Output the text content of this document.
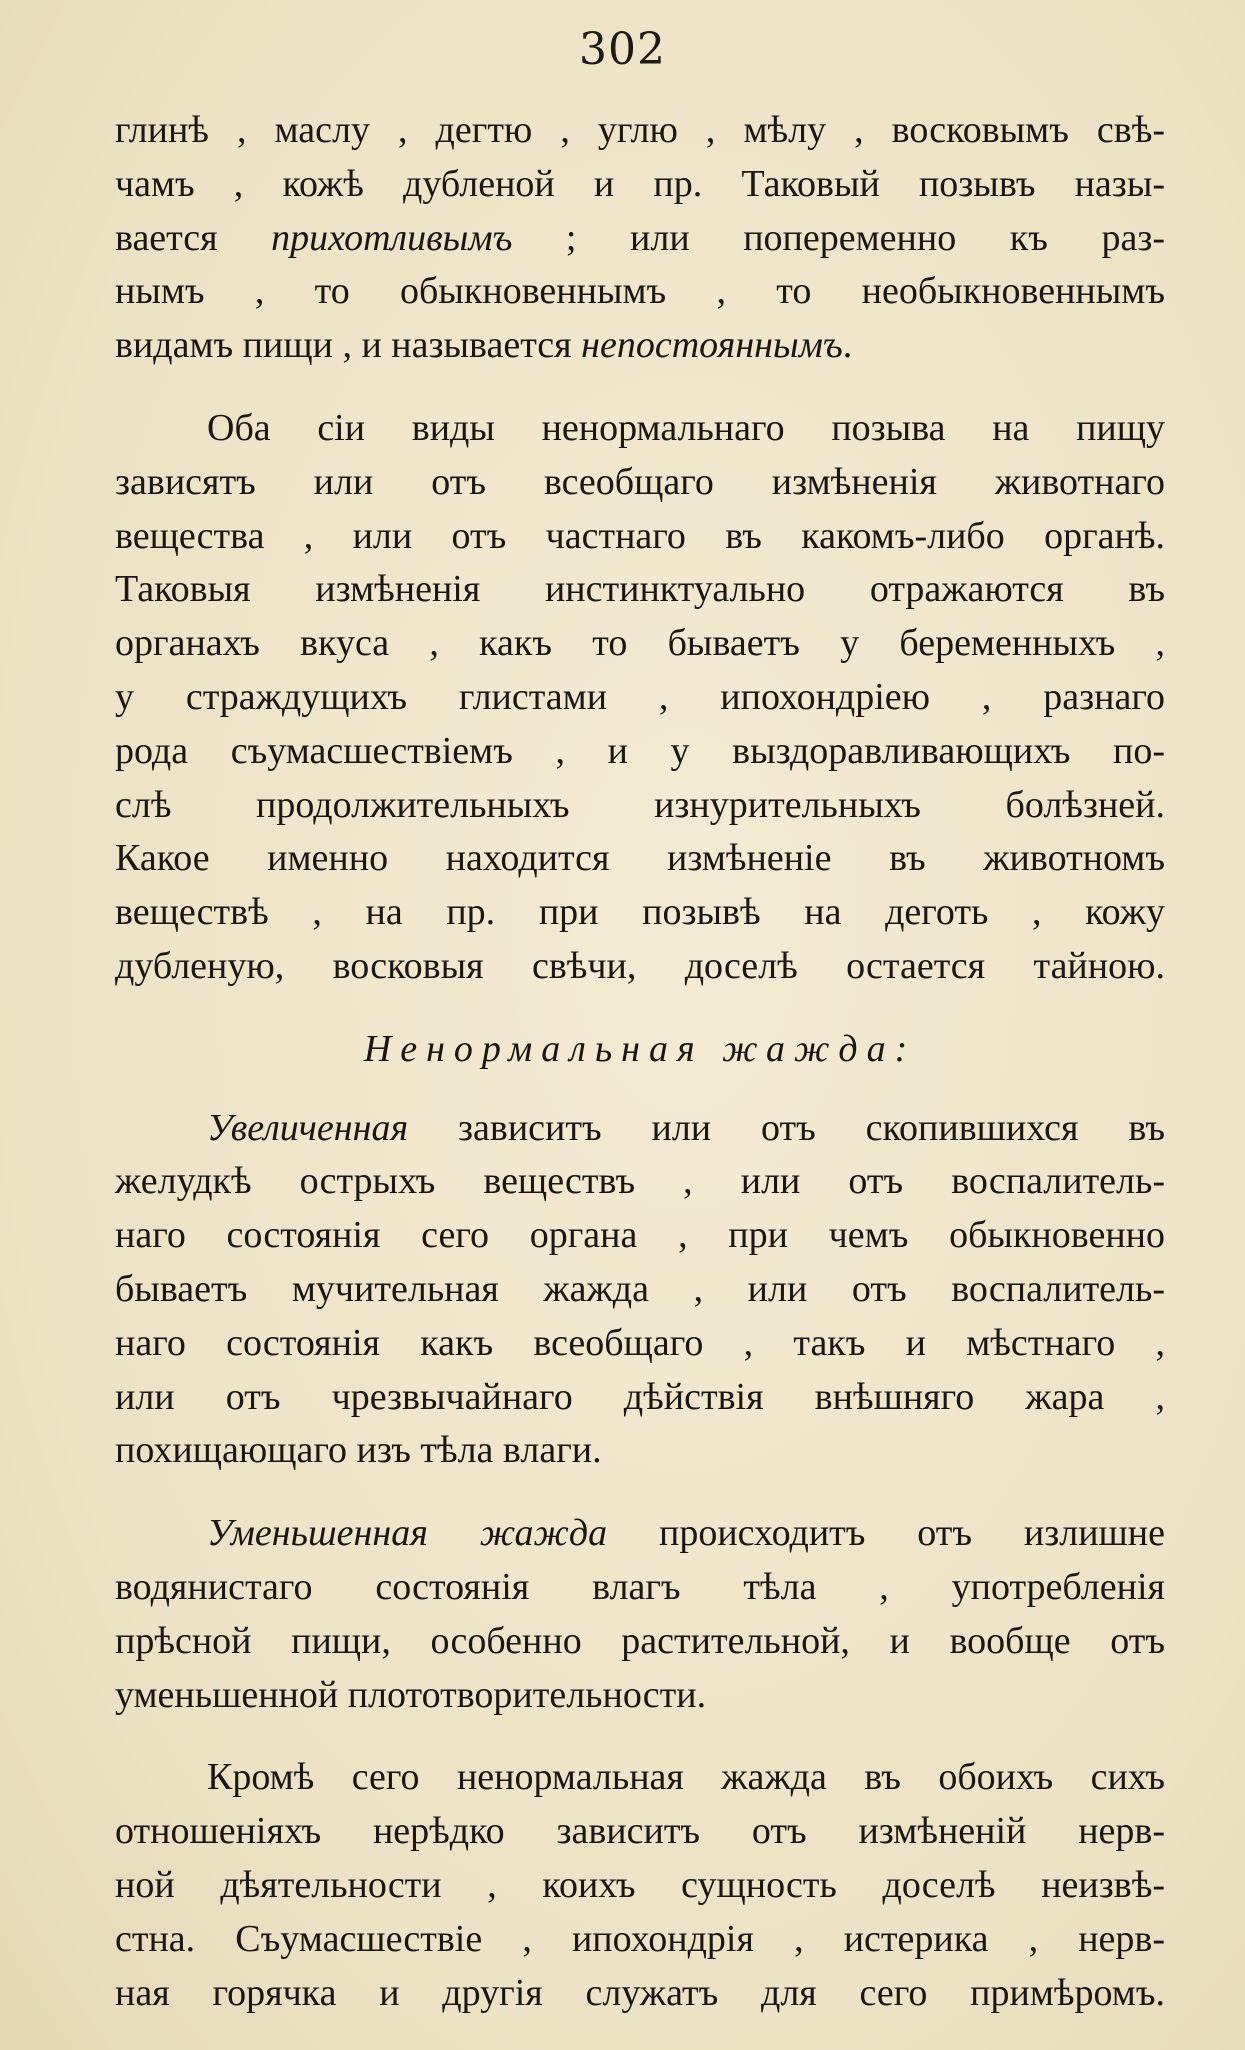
302
глинѣ , маслу , дегтю , углю , мѣлу , восковымъ свѣ-
чамъ , кожѣ дубленой и пр. Таковый позывъ назы-
вается прихотливымъ ; или попеременно къ раз-
нымъ , то обыкновеннымъ , то необыкновеннымъ
видамъ пищи , и называется непостояннымъ.
Оба сіи виды ненормальнаго позыва на пищу
зависятъ или отъ всеобщаго измѣненія животнаго
вещества , или отъ частнаго въ какомъ-либо органѣ.
Таковыя измѣненія инстинктуально отражаются въ
органахъ вкуса , какъ то бываетъ у беременныхъ ,
у страждущихъ глистами , ипохондріею , разнаго
рода съумасшествіемъ , и у выздоравливающихъ по-
слѣ продолжительныхъ изнурительныхъ болѣзней.
Какое именно находится измѣненіе въ животномъ
веществѣ , на пр. при позывѣ на деготь , кожу
дубленую, восковыя свѣчи, доселѣ остается тайною.
Ненормальная жажда:
Увеличенная зависитъ или отъ скопившихся въ
желудкѣ острыхъ веществъ , или отъ воспалитель-
наго состоянія сего органа , при чемъ обыкновенно
бываетъ мучительная жажда , или отъ воспалитель-
наго состоянія какъ всеобщаго , такъ и мѣстнаго ,
или отъ чрезвычайнаго дѣйствія внѣшняго жара ,
похищающаго изъ тѣла влаги.
Уменьшенная жажда происходитъ отъ излишне
водянистаго состоянія влагъ тѣла , употребленія
прѣсной пищи, особенно растительной, и вообще отъ
уменьшенной плототворительности.
Кромѣ сего ненормальная жажда въ обоихъ сихъ
отношеніяхъ нерѣдко зависитъ отъ измѣненій нерв-
ной дѣятельности , коихъ сущность доселѣ неизвѣ-
стна. Съумасшествіе , ипохондрія , истерика , нерв-
ная горячка и другія служатъ для сего примѣромъ.
